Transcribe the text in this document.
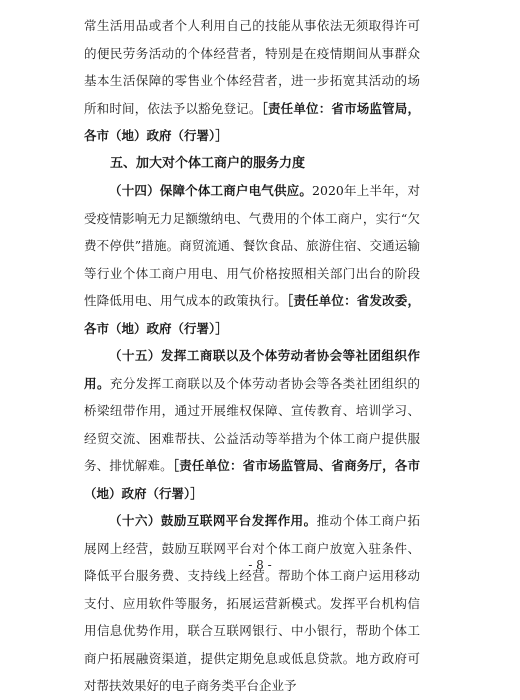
常生活用品或者个人利用自己的技能从事依法无须取得许可的便民劳务活动的个体经营者，特别是在疫情期间从事群众基本生活保障的零售业个体经营者，进一步拓宽其活动的场所和时间，依法予以豁免登记。［责任单位：省市场监管局，各市（地）政府（行署）］

五、加大对个体工商户的服务力度

（十四）保障个体工商户电气供应。2020年上半年，对受疫情影响无力足额缴纳电、气费用的个体工商户，实行“欠费不停供”措施。商贸流通、餐饮食品、旅游住宿、交通运输等行业个体工商户用电、用气价格按照相关部门出台的阶段性降低用电、用气成本的政策执行。［责任单位：省发改委，各市（地）政府（行署）］

（十五）发挥工商联以及个体劳动者协会等社团组织作用。充分发挥工商联以及个体劳动者协会等各类社团组织的桥梁纽带作用，通过开展维权保障、宣传教育、培训学习、经贸交流、困难帮扶、公益活动等举措为个体工商户提供服务、排忧解难。［责任单位：省市场监管局、省商务厅，各市（地）政府（行署）］

（十六）鼓励互联网平台发挥作用。推动个体工商户拓展网上经营，鼓励互联网平台对个体工商户放宽入驻条件、降低平台服务费、支持线上经营。帮助个体工商户运用移动支付、应用软件等服务，拓展运营新模式。发挥平台机构信用信息优势作用，联合互联网银行、中小银行，帮助个体工商户拓展融资渠道，提供定期免息或低息贷款。地方政府可对帮扶效果好的电子商务类平台企业予

- 8 -
